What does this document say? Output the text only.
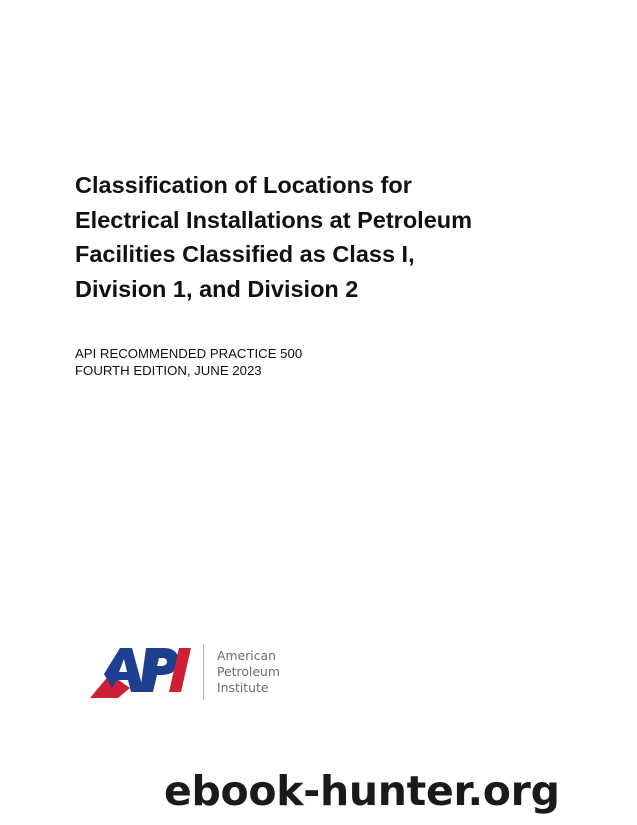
Classification of Locations for
Electrical Installations at Petroleum
Facilities Classified as Class I,
Division 1, and Division 2
API RECOMMENDED PRACTICE 500
FOURTH EDITION, JUNE 2023
American
Petroleum
Institute
ebook-hunter.org
